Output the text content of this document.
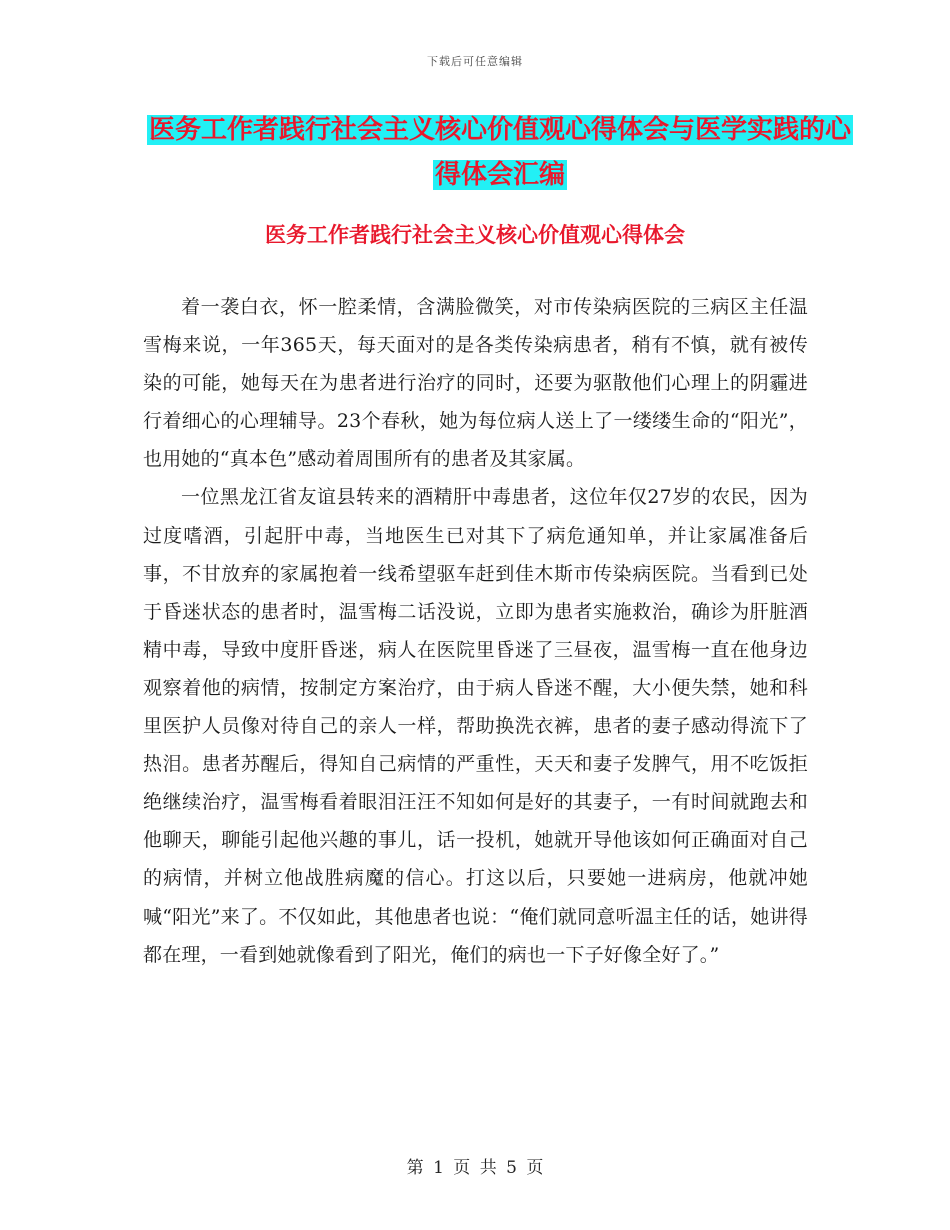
下载后可任意编辑
医务工作者践行社会主义核心价值观心得体会与医学实践的心得体会汇编
医务工作者践行社会主义核心价值观心得体会

着一袭白衣，怀一腔柔情，含满脸微笑，对市传染病医院的三病区主任温雪梅来说，一年365天，每天面对的是各类传染病患者，稍有不慎，就有被传染的可能，她每天在为患者进行治疗的同时，还要为驱散他们心理上的阴霾进行着细心的心理辅导。23个春秋，她为每位病人送上了一缕缕生命的“阳光”，也用她的“真本色”感动着周围所有的患者及其家属。

一位黑龙江省友谊县转来的酒精肝中毒患者，这位年仅27岁的农民，因为过度嗜酒，引起肝中毒，当地医生已对其下了病危通知单，并让家属准备后事，不甘放弃的家属抱着一线希望驱车赶到佳木斯市传染病医院。当看到已处于昏迷状态的患者时，温雪梅二话没说，立即为患者实施救治，确诊为肝脏酒精中毒，导致中度肝昏迷，病人在医院里昏迷了三昼夜，温雪梅一直在他身边观察着他的病情，按制定方案治疗，由于病人昏迷不醒，大小便失禁，她和科里医护人员像对待自己的亲人一样，帮助换洗衣裤，患者的妻子感动得流下了热泪。患者苏醒后，得知自己病情的严重性，天天和妻子发脾气，用不吃饭拒绝继续治疗，温雪梅看着眼泪汪汪不知如何是好的其妻子，一有时间就跑去和他聊天，聊能引起他兴趣的事儿，话一投机，她就开导他该如何正确面对自己的病情，并树立他战胜病魔的信心。打这以后，只要她一进病房，他就冲她喊“阳光”来了。不仅如此，其他患者也说：“俺们就同意听温主任的话，她讲得都在理，一看到她就像看到了阳光，俺们的病也一下子好像全好了。”

第 1 页 共 5 页
